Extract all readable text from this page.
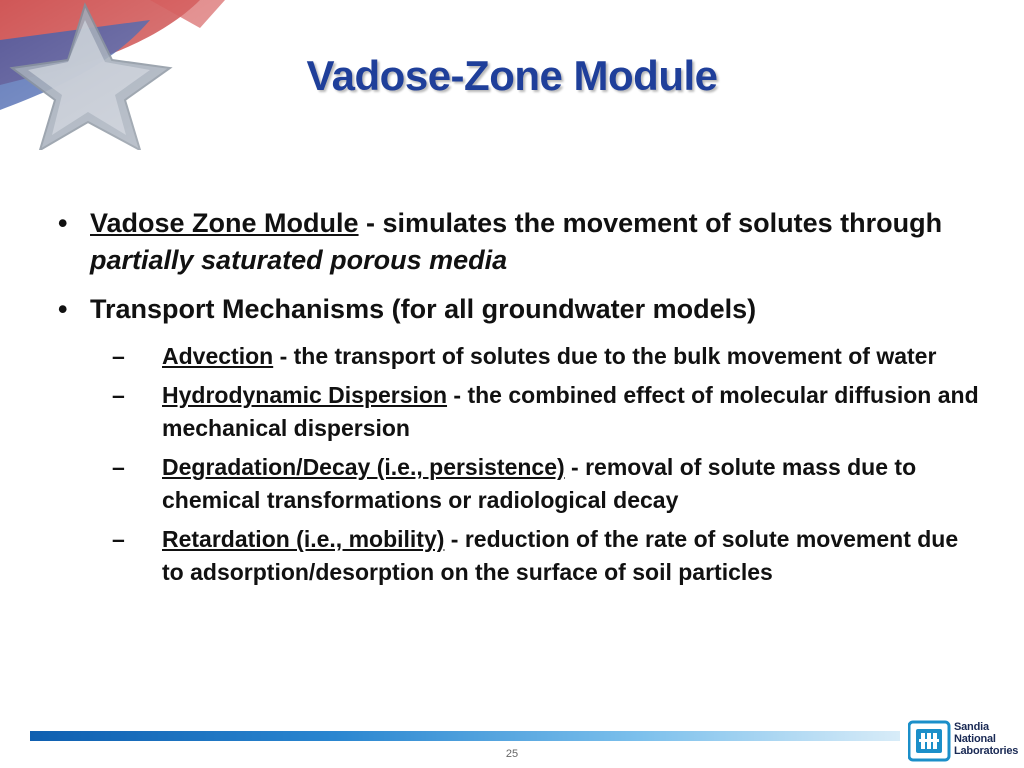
Vadose-Zone Module
• Vadose Zone Module - simulates the movement of solutes through partially saturated porous media
• Transport Mechanisms (for all groundwater models)
– Advection - the transport of solutes due to the bulk movement of water
– Hydrodynamic Dispersion - the combined effect of molecular diffusion and mechanical dispersion
– Degradation/Decay (i.e., persistence) - removal of solute mass due to chemical transformations or radiological decay
– Retardation (i.e., mobility) - reduction of the rate of solute movement due to adsorption/desorption on the surface of soil particles
25
Sandia
National
Laboratories
